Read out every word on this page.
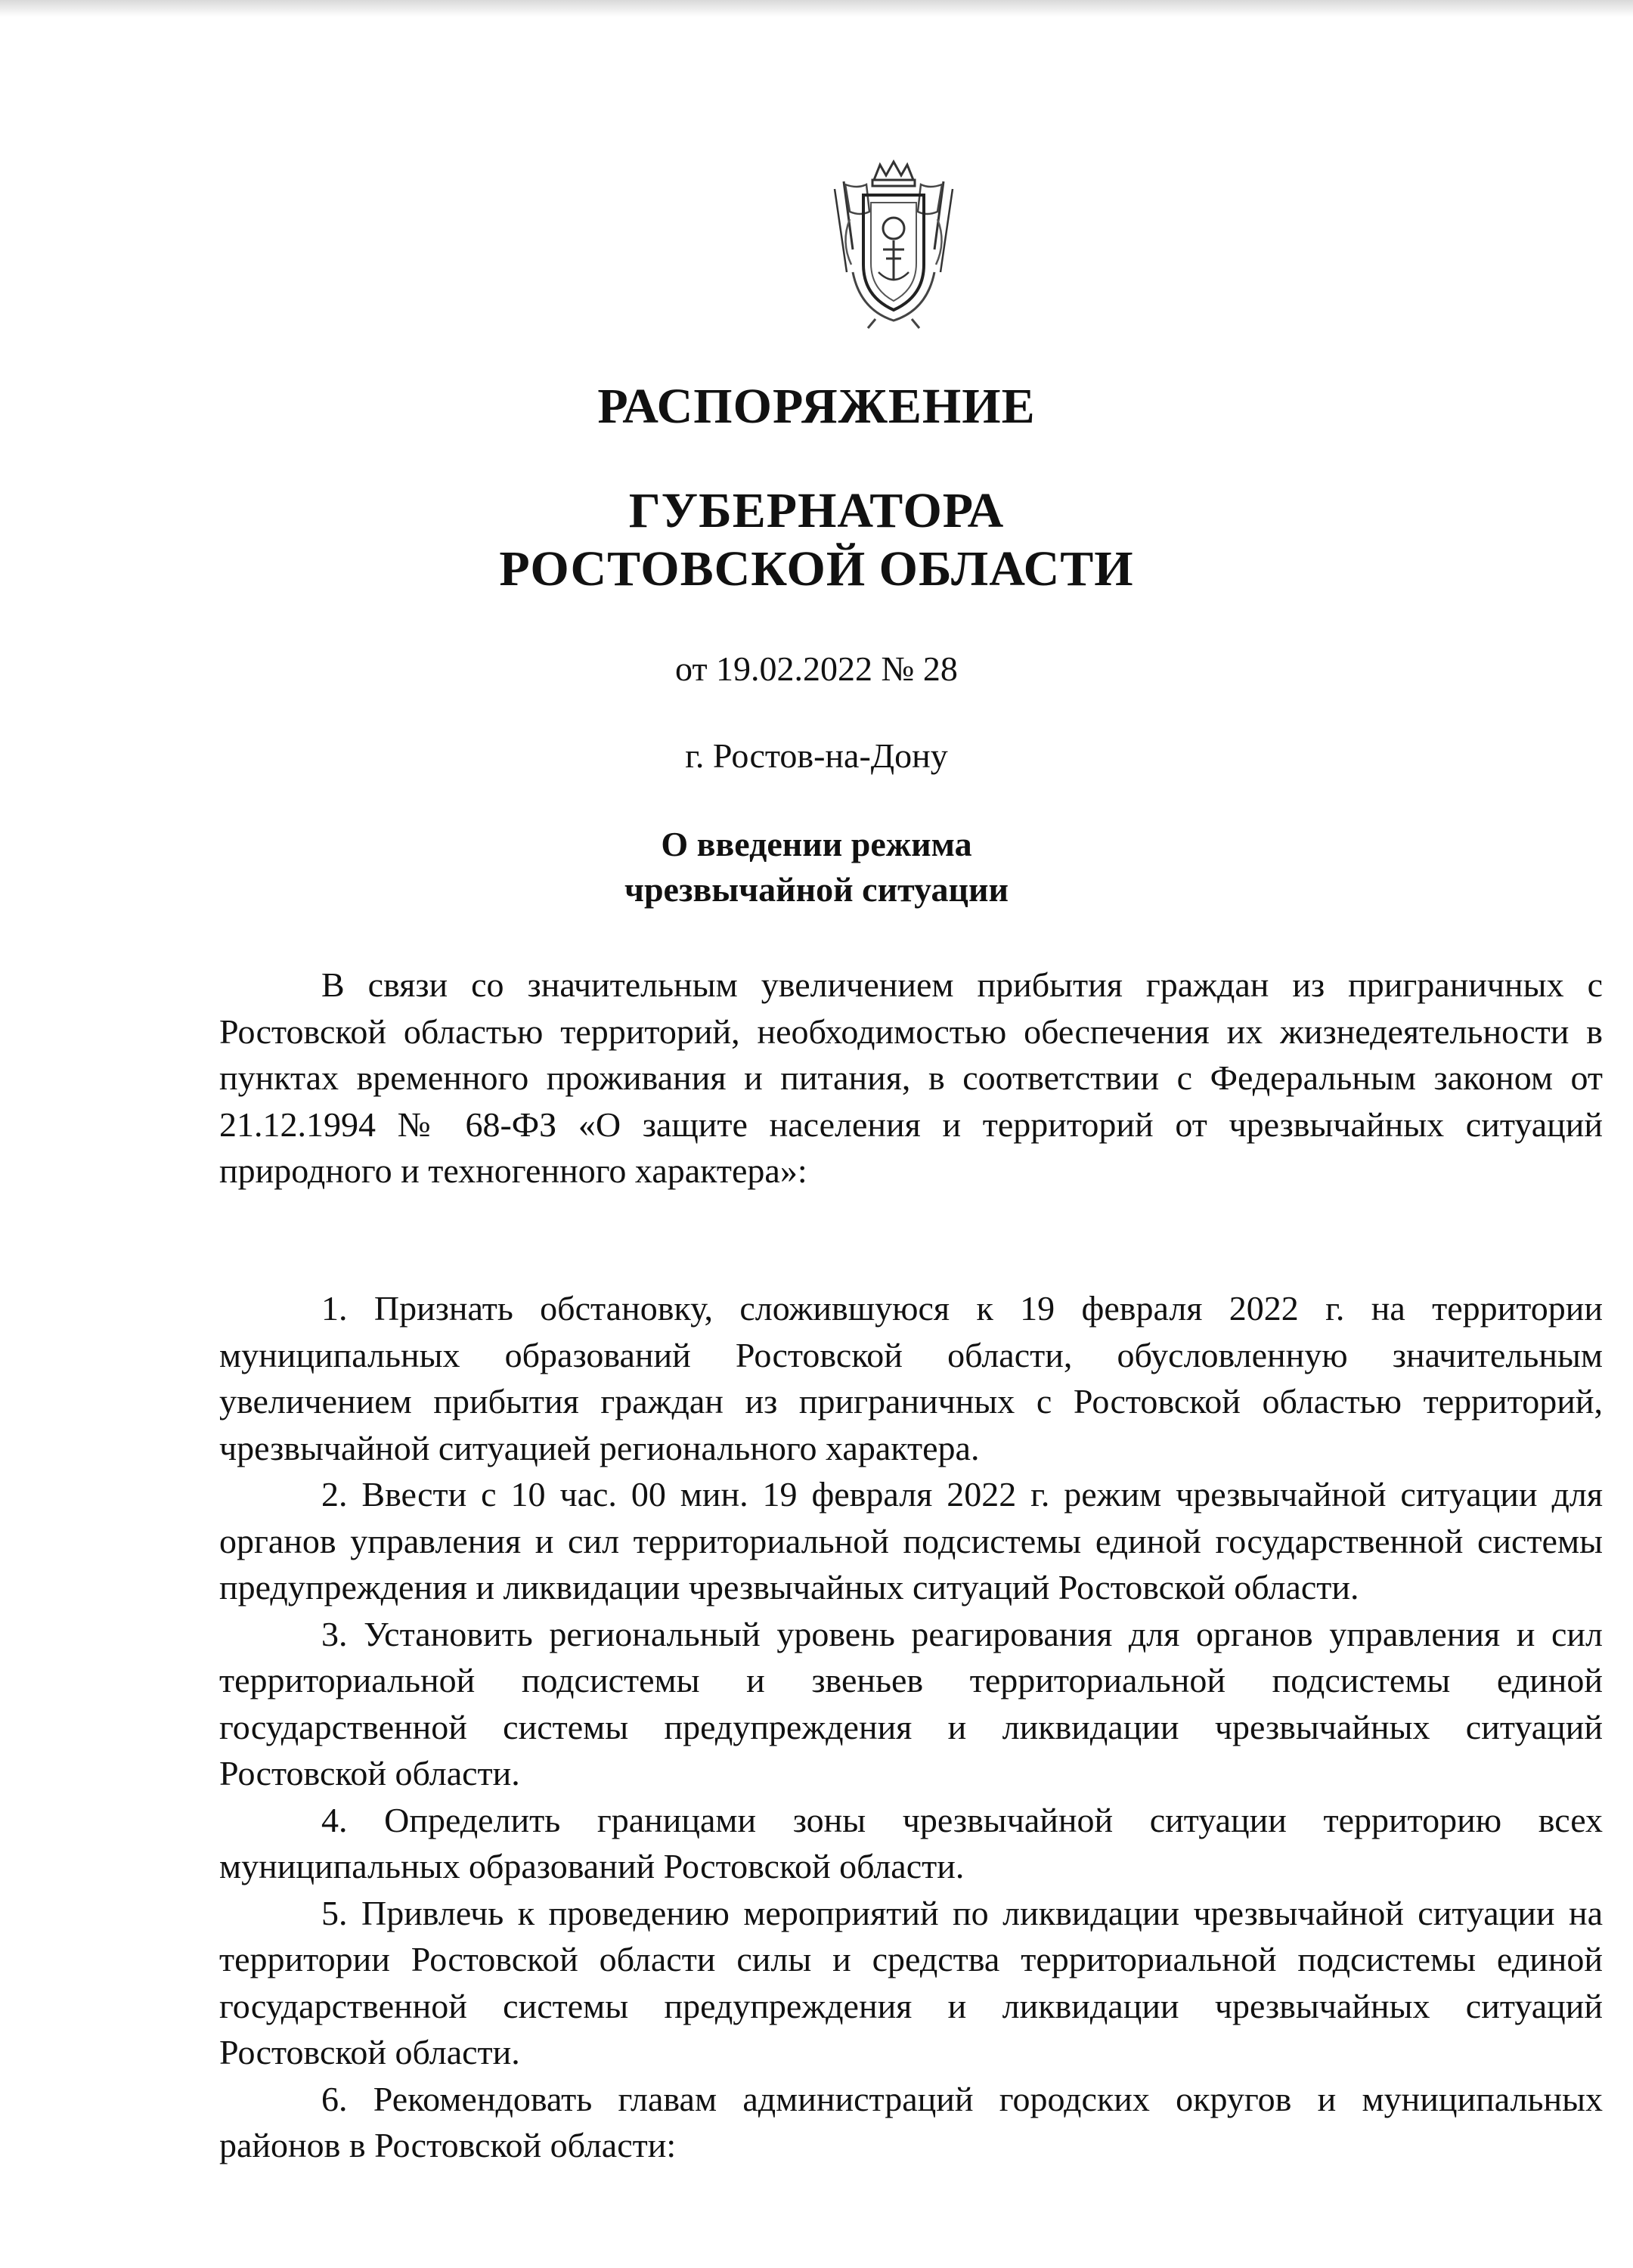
РАСПОРЯЖЕНИЕ
ГУБЕРНАТОРА
РОСТОВСКОЙ ОБЛАСТИ
от 19.02.2022 № 28
г. Ростов-на-Дону
О введении режима
чрезвычайной ситуации

В связи со значительным увеличением прибытия граждан из приграничных с Ростовской областью территорий, необходимостью обеспечения их жизнедеятельности в пунктах временного проживания и питания, в соответствии с Федеральным законом от 21.12.1994 № 68-ФЗ «О защите населения и территорий от чрезвычайных ситуаций природного и техногенного характера»:

1. Признать обстановку, сложившуюся к 19 февраля 2022 г. на территории муниципальных образований Ростовской области, обусловленную значительным увеличением прибытия граждан из приграничных с Ростовской областью территорий, чрезвычайной ситуацией регионального характера.

2. Ввести с 10 час. 00 мин. 19 февраля 2022 г. режим чрезвычайной ситуации для органов управления и сил территориальной подсистемы единой государственной системы предупреждения и ликвидации чрезвычайных ситуаций Ростовской области.

3. Установить региональный уровень реагирования для органов управления и сил территориальной подсистемы и звеньев территориальной подсистемы единой государственной системы предупреждения и ликвидации чрезвычайных ситуаций Ростовской области.

4. Определить границами зоны чрезвычайной ситуации территорию всех муниципальных образований Ростовской области.

5. Привлечь к проведению мероприятий по ликвидации чрезвычайной ситуации на территории Ростовской области силы и средства территориальной подсистемы единой государственной системы предупреждения и ликвидации чрезвычайных ситуаций Ростовской области.

6. Рекомендовать главам администраций городских округов и муниципальных районов в Ростовской области:
